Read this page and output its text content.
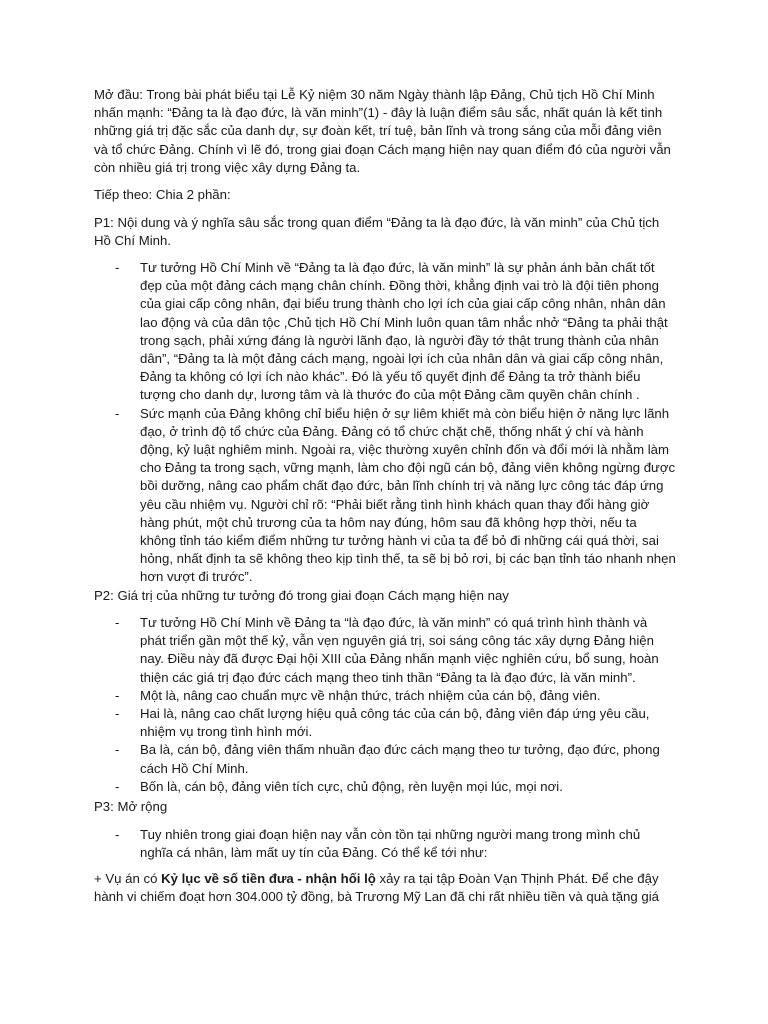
Mở đầu: Trong bài phát biểu tại Lễ Kỷ niệm 30 năm Ngày thành lập Đảng, Chủ tịch Hồ Chí Minh nhấn mạnh: “Đảng ta là đạo đức, là văn minh”(1) - đây là luận điểm sâu sắc, nhất quán là kết tinh những giá trị đặc sắc của danh dự, sự đoàn kết, trí tuệ, bản lĩnh và trong sáng của mỗi đảng viên và tổ chức Đảng. Chính vì lẽ đó, trong giai đoạn Cách mạng hiện nay quan điểm đó của người vẫn còn nhiều giá trị trong việc xây dựng Đảng ta.

Tiếp theo: Chia 2 phần:

P1: Nội dung và ý nghĩa sâu sắc trong quan điểm “Đảng ta là đạo đức, là văn minh” của Chủ tịch Hồ Chí Minh.

- Tư tưởng Hồ Chí Minh về “Đảng ta là đạo đức, là văn minh” là sự phản ánh bản chất tốt đẹp của một đảng cách mạng chân chính. Đồng thời, khẳng định vai trò là đội tiên phong của giai cấp công nhân, đại biểu trung thành cho lợi ích của giai cấp công nhân, nhân dân lao động và của dân tộc ,Chủ tịch Hồ Chí Minh luôn quan tâm nhắc nhở “Đảng ta phải thật trong sạch, phải xứng đáng là người lãnh đạo, là người đầy tớ thật trung thành của nhân dân”, “Đảng ta là một đảng cách mạng, ngoài lợi ích của nhân dân và giai cấp công nhân, Đảng ta không có lợi ích nào khác”. Đó là yếu tố quyết định để Đảng ta trở thành biểu tượng cho danh dự, lương tâm và là thước đo của một Đảng cầm quyền chân chính .
- Sức mạnh của Đảng không chỉ biểu hiện ở sự liêm khiết mà còn biểu hiện ở năng lực lãnh đạo, ở trình độ tổ chức của Đảng. Đảng có tổ chức chặt chẽ, thống nhất ý chí và hành động, kỷ luật nghiêm minh. Ngoài ra, việc thường xuyên chỉnh đốn và đổi mới là nhằm làm cho Đảng ta trong sạch, vững mạnh, làm cho đội ngũ cán bộ, đảng viên không ngừng được bồi dưỡng, nâng cao phẩm chất đạo đức, bản lĩnh chính trị và năng lực công tác đáp ứng yêu cầu nhiệm vụ. Người chỉ rõ: “Phải biết rằng tình hình khách quan thay đổi hàng giờ hàng phút, một chủ trương của ta hôm nay đúng, hôm sau đã không hợp thời, nếu ta không tỉnh táo kiểm điểm những tư tưởng hành vi của ta để bỏ đi những cái quá thời, sai hỏng, nhất định ta sẽ không theo kịp tình thế, ta sẽ bị bỏ rơi, bị các bạn tỉnh táo nhanh nhẹn hơn vượt đi trước”.

P2: Giá trị của những tư tưởng đó trong giai đoạn Cách mạng hiện nay

- Tư tưởng Hồ Chí Minh về Đảng ta “là đạo đức, là văn minh” có quá trình hình thành và phát triển gần một thế kỷ, vẫn vẹn nguyên giá trị, soi sáng công tác xây dựng Đảng hiện nay. Điều này đã được Đại hội XIII của Đảng nhấn mạnh việc nghiên cứu, bổ sung, hoàn thiện các giá trị đạo đức cách mạng theo tinh thần “Đảng ta là đạo đức, là văn minh”.
- Một là, nâng cao chuẩn mực về nhận thức, trách nhiệm của cán bộ, đảng viên.
- Hai là, nâng cao chất lượng hiệu quả công tác của cán bộ, đảng viên đáp ứng yêu cầu, nhiệm vụ trong tình hình mới.
- Ba là, cán bộ, đảng viên thấm nhuần đạo đức cách mạng theo tư tưởng, đạo đức, phong cách Hồ Chí Minh.
- Bốn là, cán bộ, đảng viên tích cực, chủ động, rèn luyện mọi lúc, mọi nơi.

P3: Mở rộng

- Tuy nhiên trong giai đoạn hiện nay vẫn còn tồn tại những người mang trong mình chủ nghĩa cá nhân, làm mất uy tín của Đảng. Có thể kể tới như:

+ Vụ án có Kỷ lục về số tiền đưa - nhận hối lộ xảy ra tại tập Đoàn Vạn Thịnh Phát. Để che đậy hành vi chiếm đoạt hơn 304.000 tỷ đồng, bà Trương Mỹ Lan đã chi rất nhiều tiền và quà tặng giá
